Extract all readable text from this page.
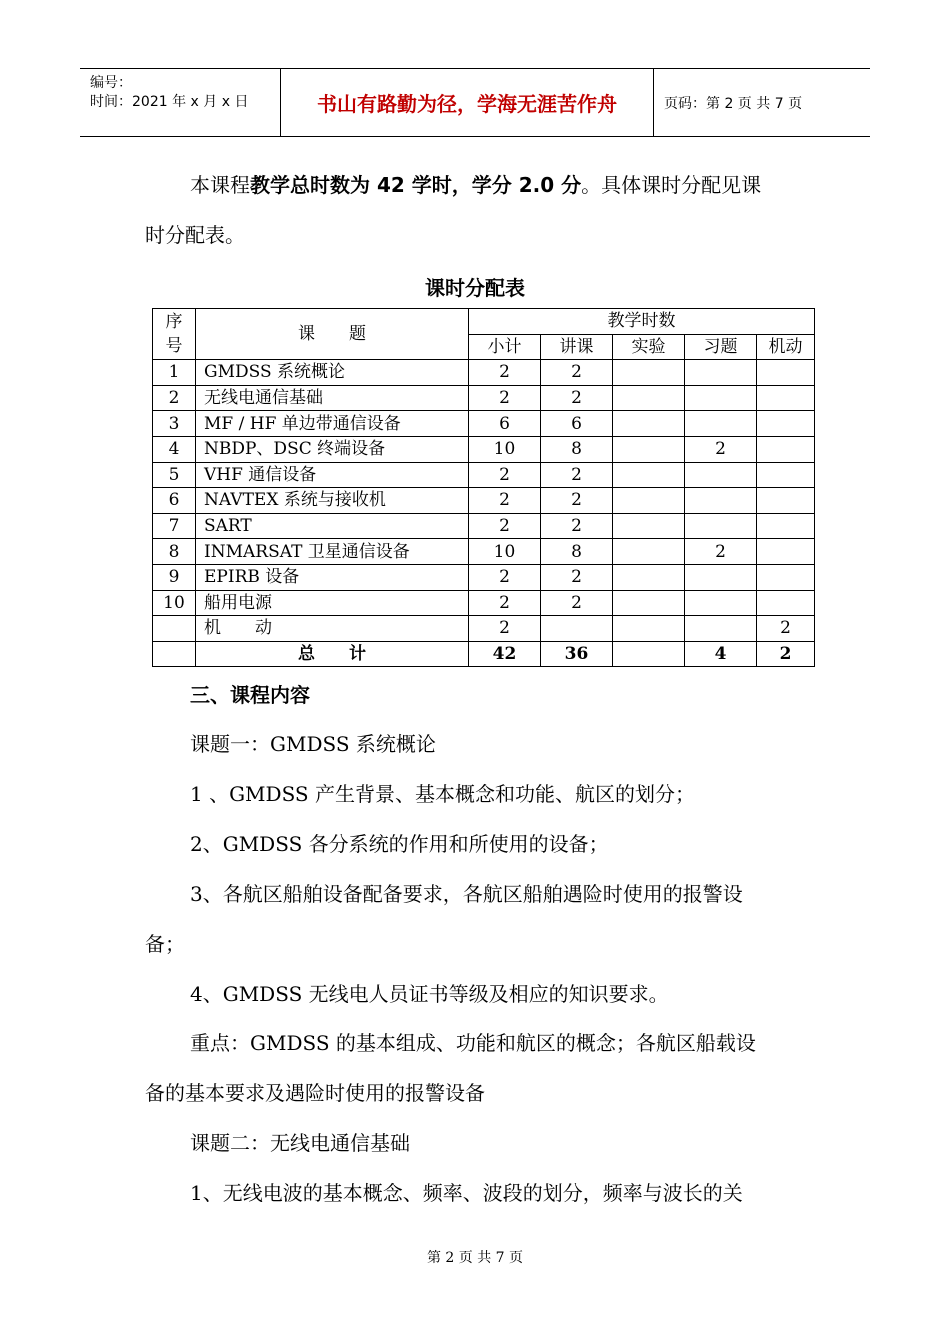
编号：
时间：2021 年 x 月 x 日	书山有路勤为径，学海无涯苦作舟	页码：第 2 页 共 7 页
本课程教学总时数为 42 学时，学分 2.0 分。具体课时分配见课
时分配表。
课时分配表
序号	课　　题	教学时数				
		小计	讲课	实验	习题	机动
1	GMDSS 系统概论	2	2			
2	无线电通信基础	2	2			
3	MF / HF 单边带通信设备	6	6			
4	NBDP、DSC 终端设备	10	8		2	
5	VHF 通信设备	2	2			
6	NAVTEX 系统与接收机	2	2			
7	SART	2	2			
8	INMARSAT 卫星通信设备	10	8		2	
9	EPIRB 设备	2	2			
10	船用电源	2	2			
	机　　动	2				2
	总　　计	42	36		4	2
三、课程内容
课题一：GMDSS 系统概论
1 、GMDSS 产生背景、基本概念和功能、航区的划分；
2、GMDSS 各分系统的作用和所使用的设备；
3、各航区船舶设备配备要求，各航区船舶遇险时使用的报警设
备；
4、GMDSS 无线电人员证书等级及相应的知识要求。
重点：GMDSS 的基本组成、功能和航区的概念；各航区船载设
备的基本要求及遇险时使用的报警设备
课题二：无线电通信基础
1、无线电波的基本概念、频率、波段的划分，频率与波长的关
第 2 页 共 7 页
